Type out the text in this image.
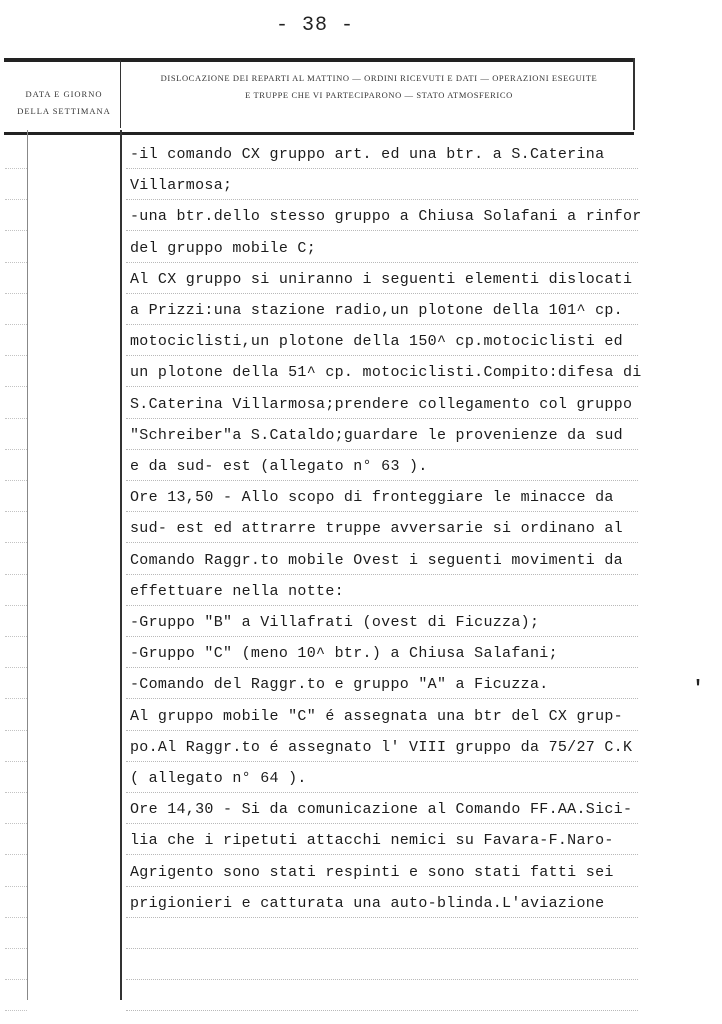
- 38 -
DATA E GIORNO
DELLA SETTIMANA
DISLOCAZIONE DEI REPARTI AL MATTINO — ORDINI RICEVUTI E DATI — OPERAZIONI ESEGUITE
E TRUPPE CHE VI PARTECIPARONO — STATO ATMOSFERICO
-il comando CX gruppo art. ed una btr. a S.Caterina
Villarmosa;
-una btr.dello stesso gruppo a Chiusa Solafani a rinfor
del gruppo mobile C;
Al CX gruppo si uniranno i seguenti elementi dislocati
a Prizzi:una stazione radio,un plotone della 101^ cp.
motociclisti,un plotone della 150^ cp.motociclisti ed
un plotone della 51^ cp. motociclisti.Compito:difesa di
S.Caterina Villarmosa;prendere collegamento col gruppo
"Schreiber"a S.Cataldo;guardare le provenienze da sud
e da sud- est (allegato n° 63 ).
Ore 13,50 - Allo scopo di fronteggiare le minacce da
sud- est ed attrarre truppe avversarie si ordinano al
Comando Raggr.to mobile Ovest i seguenti movimenti da
effettuare nella notte:
-Gruppo "B" a Villafrati (ovest di Ficuzza);
-Gruppo "C" (meno 10^ btr.) a Chiusa Salafani;
-Comando del Raggr.to e gruppo "A" a Ficuzza.
Al gruppo mobile "C" é assegnata una btr del CX grup-
po.Al Raggr.to é assegnato l' VIII gruppo da 75/27 C.K
( allegato n° 64 ).
Ore 14,30 - Si da comunicazione al Comando FF.AA.Sici-
lia che i ripetuti attacchi nemici su Favara-F.Naro-
Agrigento sono stati respinti e sono stati fatti sei
prigionieri e catturata una auto-blinda.L'aviazione
'
